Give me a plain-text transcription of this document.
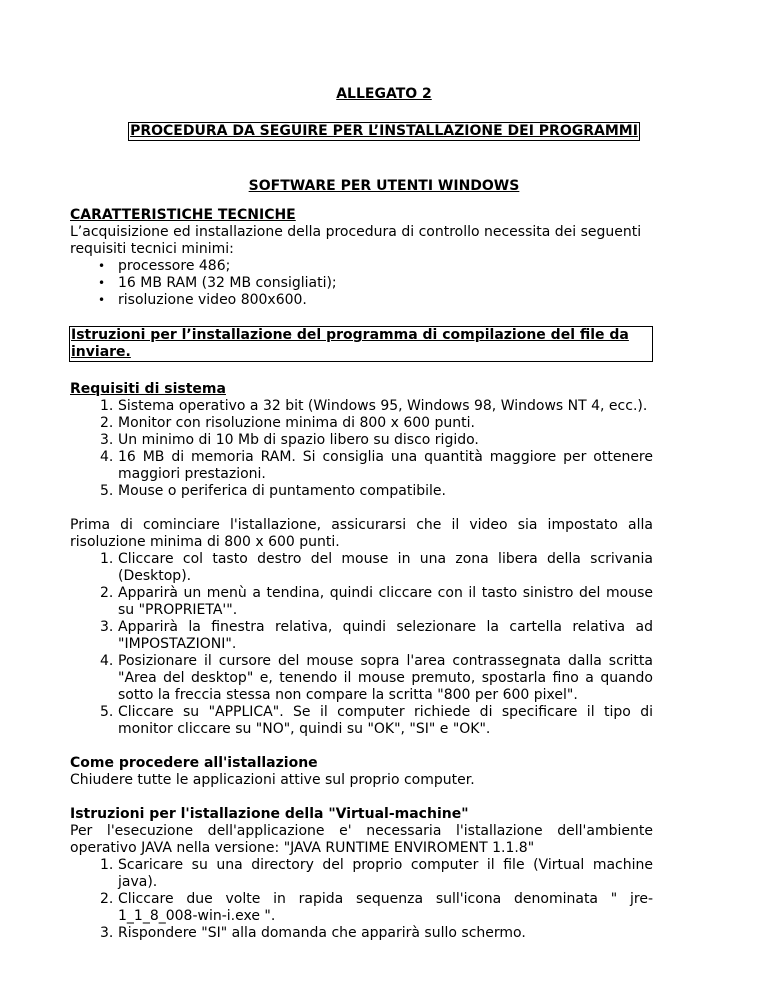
ALLEGATO 2
PROCEDURA DA SEGUIRE PER L’INSTALLAZIONE DEI PROGRAMMI
SOFTWARE PER UTENTI WINDOWS
CARATTERISTICHE TECNICHE

L’acquisizione ed installazione della procedura di controllo necessita dei seguenti requisiti tecnici minimi:

• processore 486;
• 16 MB RAM (32 MB consigliati);
• risoluzione video 800x600.
Istruzioni per l’installazione del programma di compilazione del file da inviare.
Requisiti di sistema
1. Sistema operativo a 32 bit (Windows 95, Windows 98, Windows NT 4, ecc.).
2. Monitor con risoluzione minima di 800 x 600 punti.
3. Un minimo di 10 Mb di spazio libero su disco rigido.
4. 16 MB di memoria RAM. Si consiglia una quantità maggiore per ottenere maggiori prestazioni.
5. Mouse o periferica di puntamento compatibile.

Prima di cominciare l'istallazione, assicurarsi che il video sia impostato alla risoluzione minima di 800 x 600 punti.

1. Cliccare col tasto destro del mouse in una zona libera della scrivania (Desktop).
2. Apparirà un menù a tendina, quindi cliccare con il tasto sinistro del mouse su "PROPRIETA'".
3. Apparirà la finestra relativa, quindi selezionare la cartella relativa ad "IMPOSTAZIONI".
4. Posizionare il cursore del mouse sopra l'area contrassegnata dalla scritta "Area del desktop" e, tenendo il mouse premuto, spostarla fino a quando sotto la freccia stessa non compare la scritta "800 per 600 pixel".
5. Cliccare su "APPLICA". Se il computer richiede di specificare il tipo di monitor cliccare su "NO", quindi su "OK", "SI" e "OK".
Come procedere all'istallazione

Chiudere tutte le applicazioni attive sul proprio computer.

Istruzioni per l'istallazione della "Virtual-machine"

Per l'esecuzione dell'applicazione e' necessaria l'istallazione dell'ambiente operativo JAVA nella versione: "JAVA RUNTIME ENVIROMENT 1.1.8"

1. Scaricare su una directory del proprio computer il file (Virtual machine java).
2. Cliccare due volte in rapida sequenza sull'icona denominata " jre-1_1_8_008-win-i.exe ".
3. Rispondere "SI" alla domanda che apparirà sullo schermo.
